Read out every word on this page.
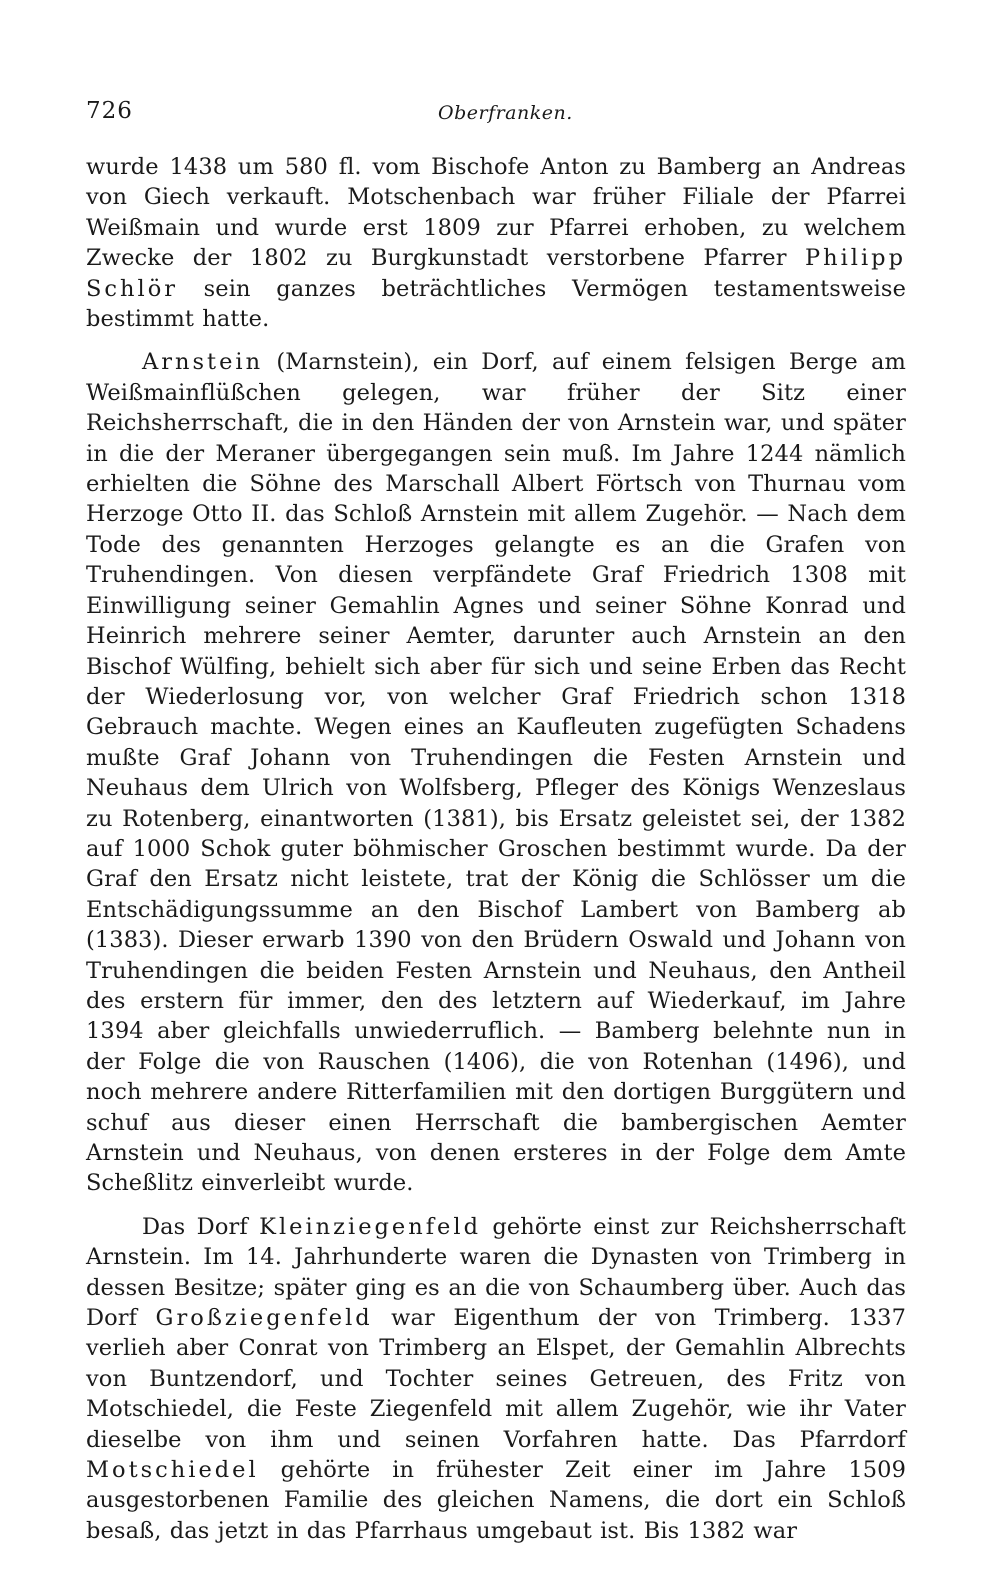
726	Oberfranken.

wurde 1438 um 580 fl. vom Bischofe Anton zu Bamberg an Andreas von Giech verkauft. Motschenbach war früher Filiale der Pfarrei Weißmain und wurde erst 1809 zur Pfarrei erhoben, zu welchem Zwecke der 1802 zu Burgkunstadt verstorbene Pfarrer Philipp Schlör sein ganzes beträchtliches Vermögen testamentsweise bestimmt hatte.

Arnstein (Marnstein), ein Dorf, auf einem felsigen Berge am Weißmainflüßchen gelegen, war früher der Sitz einer Reichsherrschaft, die in den Händen der von Arnstein war, und später in die der Meraner übergegangen sein muß. Im Jahre 1244 nämlich erhielten die Söhne des Marschall Albert Förtsch von Thurnau vom Herzoge Otto II. das Schloß Arnstein mit allem Zugehör. — Nach dem Tode des genannten Herzoges gelangte es an die Grafen von Truhendingen. Von diesen verpfändete Graf Friedrich 1308 mit Einwilligung seiner Gemahlin Agnes und seiner Söhne Konrad und Heinrich mehrere seiner Aemter, darunter auch Arnstein an den Bischof Wülfing, behielt sich aber für sich und seine Erben das Recht der Wiederlosung vor, von welcher Graf Friedrich schon 1318 Gebrauch machte. Wegen eines an Kaufleuten zugefügten Schadens mußte Graf Johann von Truhendingen die Festen Arnstein und Neuhaus dem Ulrich von Wolfsberg, Pfleger des Königs Wenzeslaus zu Rotenberg, einantworten (1381), bis Ersatz geleistet sei, der 1382 auf 1000 Schok guter böhmischer Groschen bestimmt wurde. Da der Graf den Ersatz nicht leistete, trat der König die Schlösser um die Entschädigungssumme an den Bischof Lambert von Bamberg ab (1383). Dieser erwarb 1390 von den Brüdern Oswald und Johann von Truhendingen die beiden Festen Arnstein und Neuhaus, den Antheil des erstern für immer, den des letztern auf Wiederkauf, im Jahre 1394 aber gleichfalls unwiederruflich. — Bamberg belehnte nun in der Folge die von Rauschen (1406), die von Rotenhan (1496), und noch mehrere andere Ritterfamilien mit den dortigen Burggütern und schuf aus dieser einen Herrschaft die bambergischen Aemter Arnstein und Neuhaus, von denen ersteres in der Folge dem Amte Scheßlitz einverleibt wurde.

Das Dorf Kleinziegenfeld gehörte einst zur Reichsherrschaft Arnstein. Im 14. Jahrhunderte waren die Dynasten von Trimberg in dessen Besitze; später ging es an die von Schaumberg über. Auch das Dorf Großziegenfeld war Eigenthum der von Trimberg. 1337 verlieh aber Conrat von Trimberg an Elspet, der Gemahlin Albrechts von Buntzendorf, und Tochter seines Getreuen, des Fritz von Motschiedel, die Feste Ziegenfeld mit allem Zugehör, wie ihr Vater dieselbe von ihm und seinen Vorfahren hatte. Das Pfarrdorf Motschiedel gehörte in frühester Zeit einer im Jahre 1509 ausgestorbenen Familie des gleichen Namens, die dort ein Schloß besaß, das jetzt in das Pfarrhaus umgebaut ist. Bis 1382 war
